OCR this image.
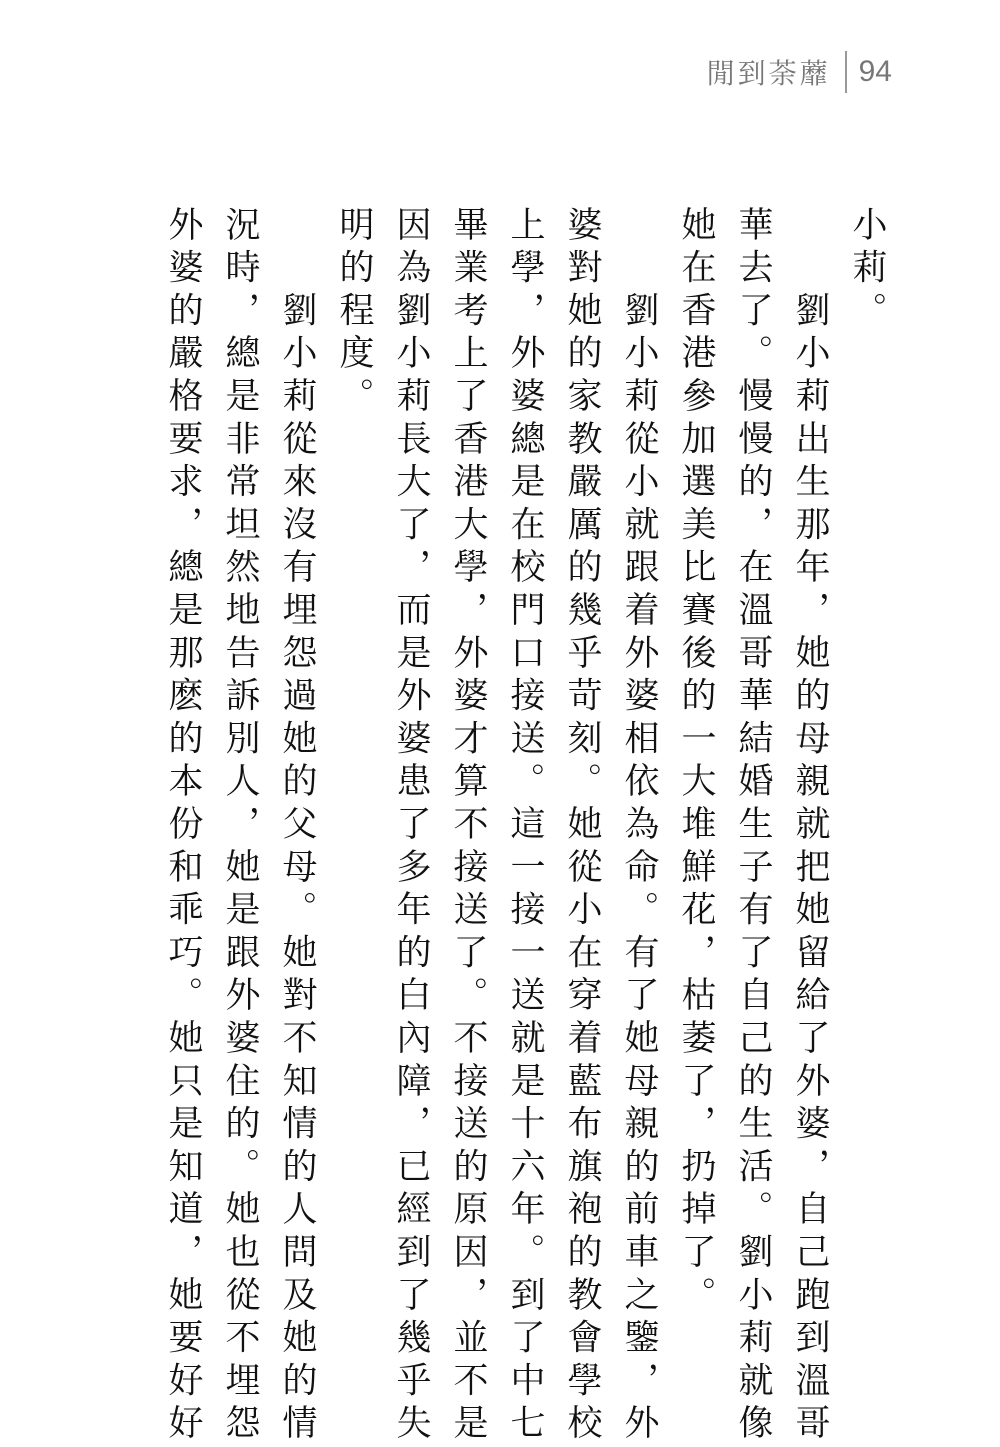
閒到荼蘼 94
小莉。
　　劉小莉出生那年，她的母親就把她留給了外婆，自己跑到溫哥
華去了。慢慢的，在溫哥華結婚生子有了自己的生活。劉小莉就像
她在香港參加選美比賽後的一大堆鮮花，枯萎了，扔掉了。
　　劉小莉從小就跟着外婆相依為命。有了她母親的前車之鑒，外
婆對她的家教嚴厲的幾乎苛刻。她從小在穿着藍布旗袍的教會學校
上學，外婆總是在校門口接送。這一接一送就是十六年。到了中七
畢業考上了香港大學，外婆才算不接送了。不接送的原因，並不是
因為劉小莉長大了，而是外婆患了多年的白內障，已經到了幾乎失
明的程度。
　　劉小莉從來沒有埋怨過她的父母。她對不知情的人問及她的情
況時，總是非常坦然地告訴別人，她是跟外婆住的。她也從不埋怨
外婆的嚴格要求，總是那麽的本份和乖巧。她只是知道，她要好好
